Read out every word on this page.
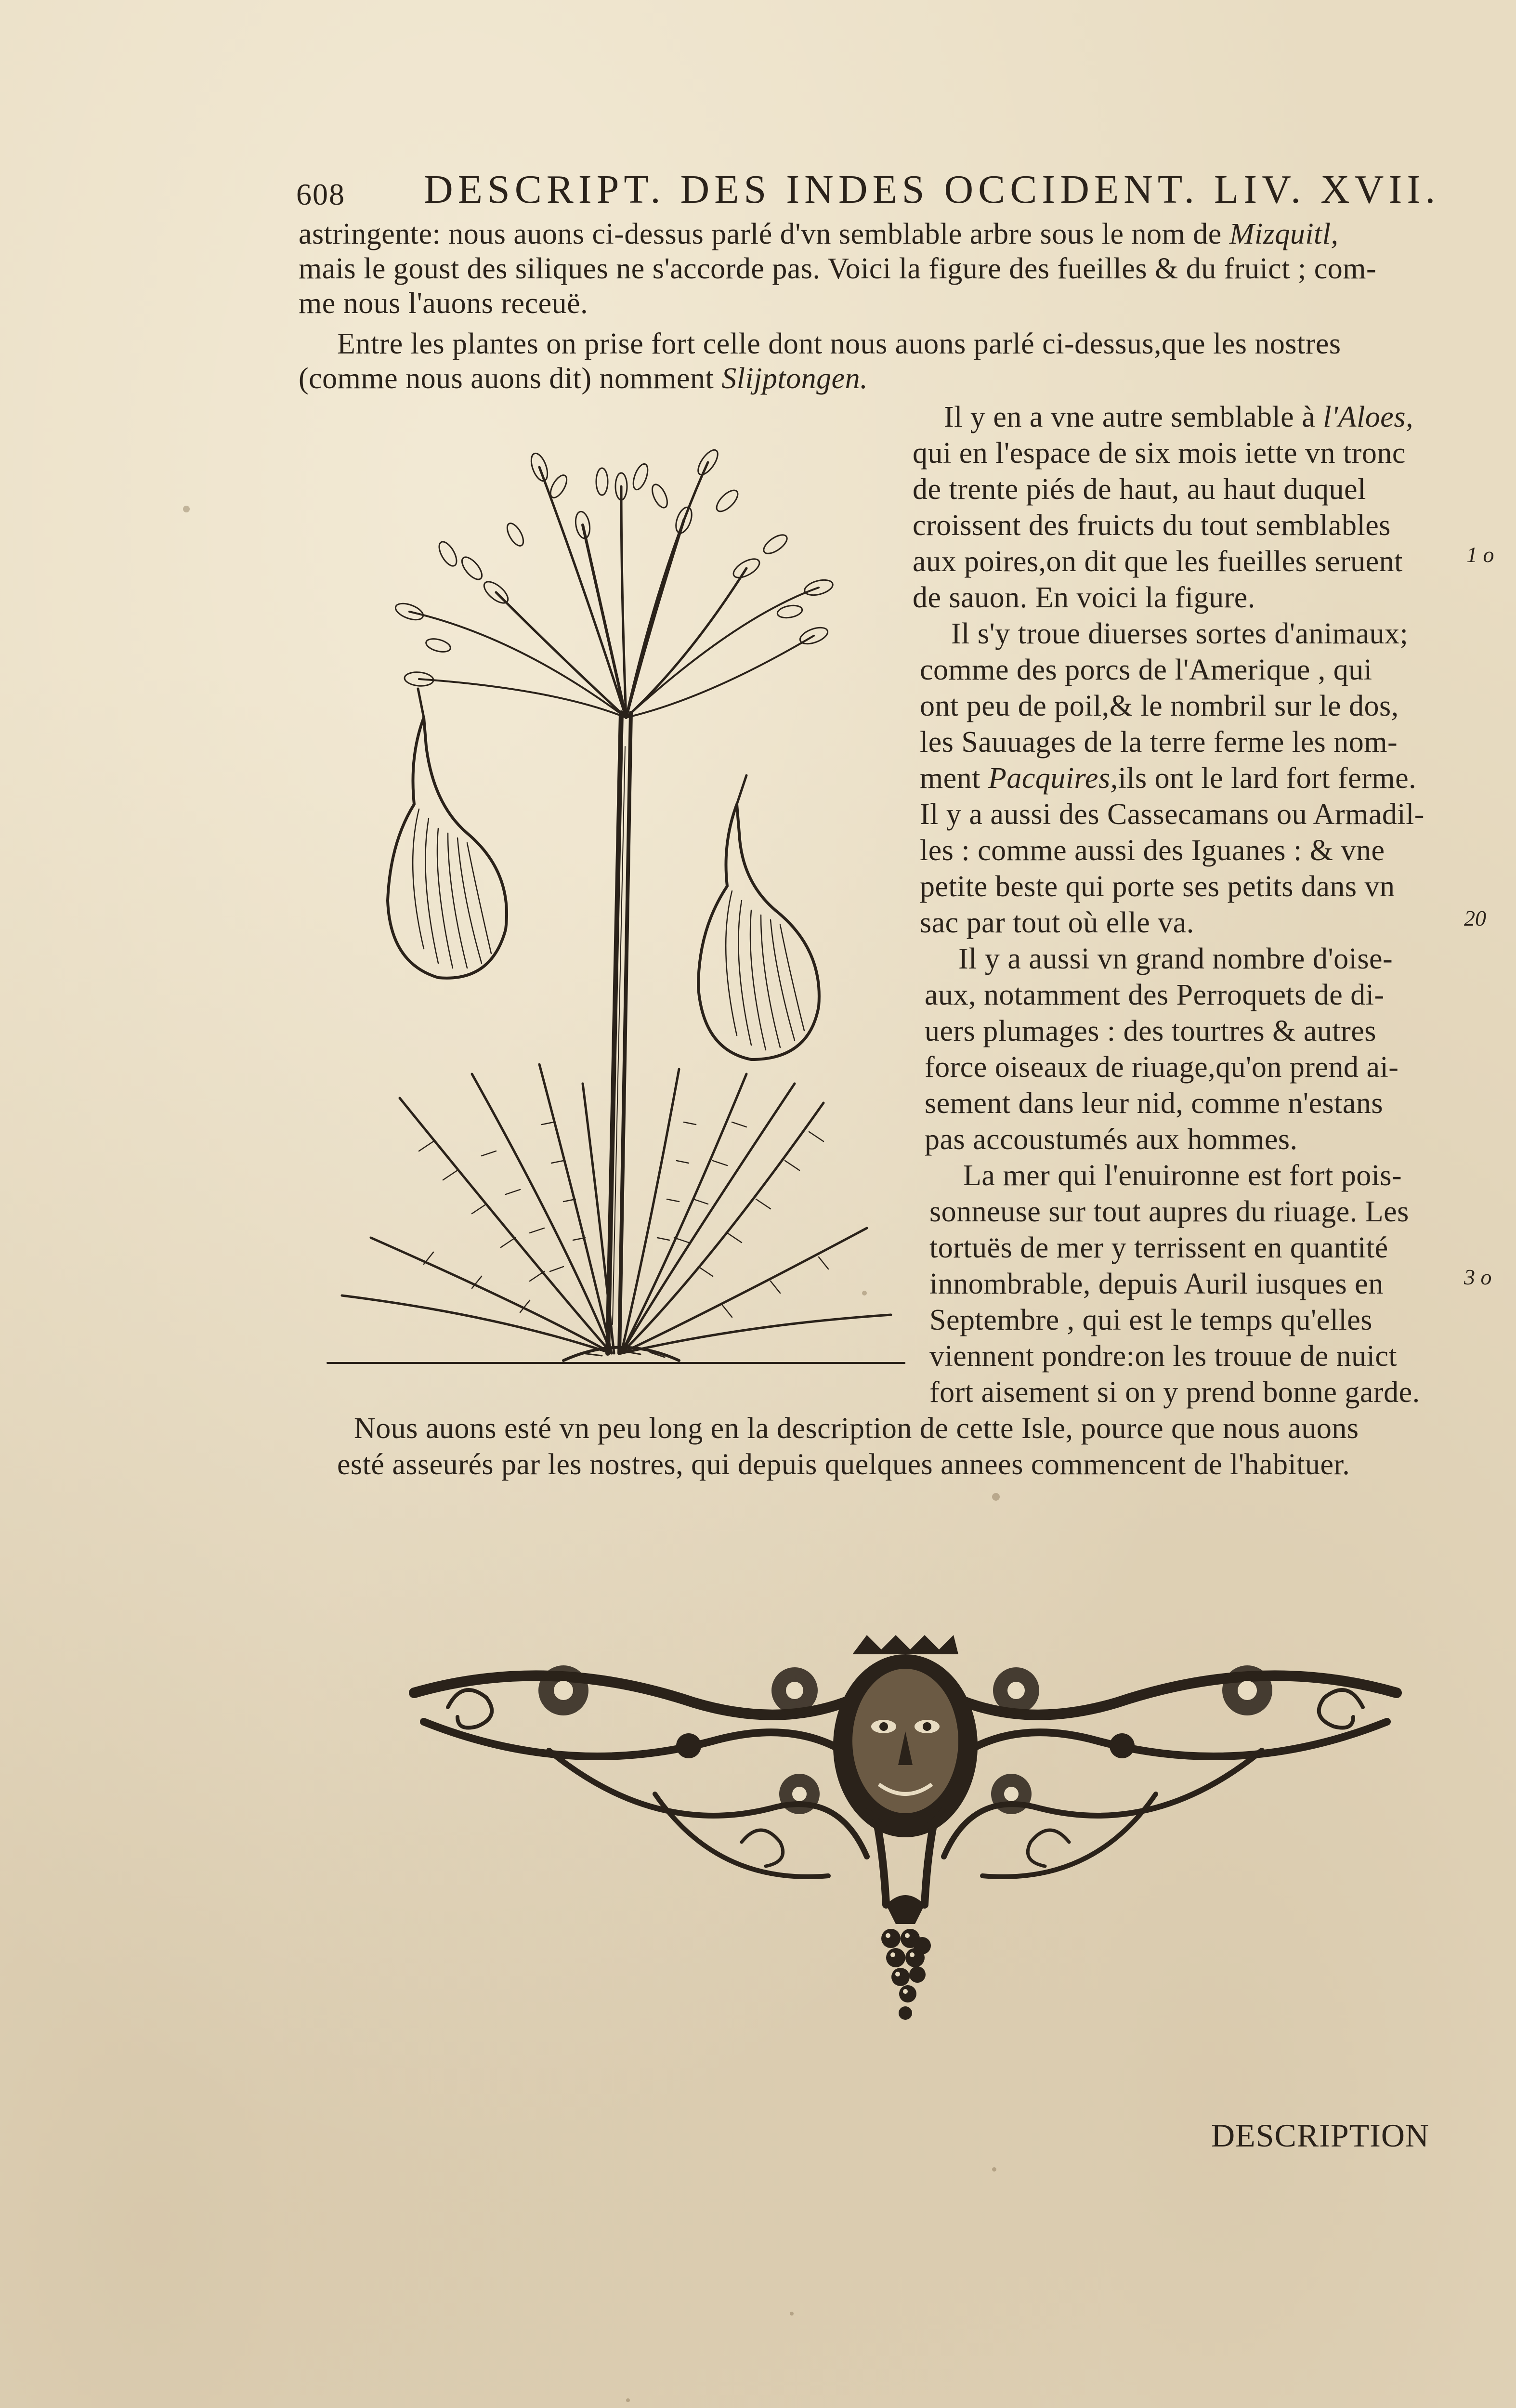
608 DESCRIPT. DES INDES OCCIDENT. LIV. XVII.
astringente: nous auons ci-dessus parlé d'vn semblable arbre sous le nom de Mizquitl,
mais le goust des siliques ne s'accorde pas. Voici la figure des fueilles & du fruict ; com-
me nous l'auons receuë.
Entre les plantes on prise fort celle dont nous auons parlé ci-dessus,que les nostres
(comme nous auons dit) nomment Slijptongen.
Il y en a vne autre semblable à l'Aloes,
qui en l'espace de six mois iette vn tronc
de trente piés de haut, au haut duquel
croissent des fruicts du tout semblables
aux poires,on dit que les fueilles seruent
de sauon. En voici la figure.
Il s'y troue diuerses sortes d'animaux;
comme des porcs de l'Amerique , qui
ont peu de poil,& le nombril sur le dos,
les Sauuages de la terre ferme les nom-
ment Pacquires,ils ont le lard fort ferme.
Il y a aussi des Cassecamans ou Armadil-
les : comme aussi des Iguanes : & vne
petite beste qui porte ses petits dans vn
sac par tout où elle va.
Il y a aussi vn grand nombre d'oise-
aux, notamment des Perroquets de di-
uers plumages : des tourtres & autres
force oiseaux de riuage,qu'on prend ai-
sement dans leur nid, comme n'estans
pas accoustumés aux hommes.
La mer qui l'enuironne est fort pois-
sonneuse sur tout aupres du riuage. Les
tortuës de mer y terrissent en quantité
innombrable, depuis Auril iusques en
Septembre , qui est le temps qu'elles
viennent pondre:on les trouue de nuict
fort aisement si on y prend bonne garde.
1 o
20
3 o
Nous auons esté vn peu long en la description de cette Isle, pource que nous auons
esté asseurés par les nostres, qui depuis quelques annees commencent de l'habituer.
DESCRIPTION
